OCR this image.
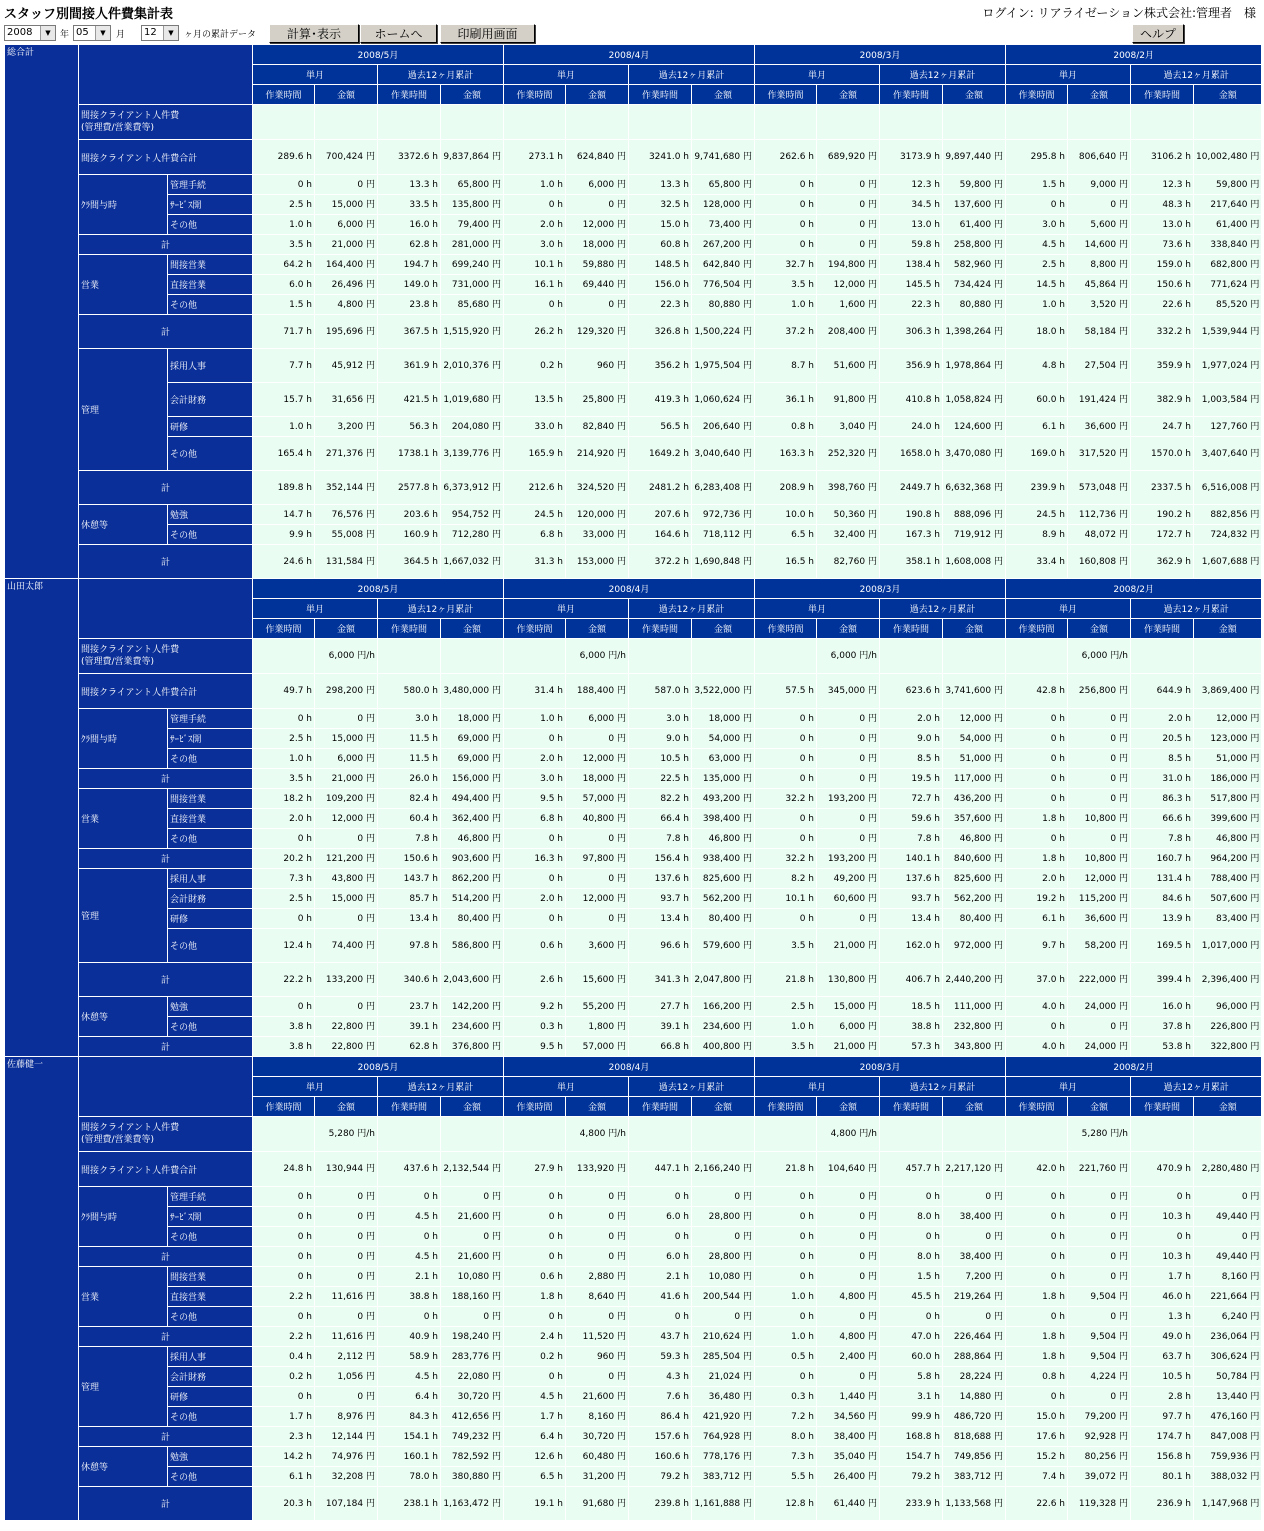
スタッフ別間接人件費集計表	ログイン: リアライゼーション株式会社:管理者　様
2008	▼	年 05	▼	月	12	▼	ヶ月の累計データ	計算･表示	ホームへ	印刷用画面	ヘルプ
総合計			2008/5月				2008/4月				2008/3月				2008/2月			
			単月		過去12ヶ月累計		単月		過去12ヶ月累計		単月		過去12ヶ月累計		単月		過去12ヶ月累計	
			作業時間	金額	作業時間	金額	作業時間	金額	作業時間	金額	作業時間	金額	作業時間	金額	作業時間	金額	作業時間	金額

	間接クライアント人件費
(管理費/営業費等)																	

	間接クライアント人件費合計		289.6 h	700,424 円	3372.6 h	9,837,864 円	273.1 h	624,840 円	3241.0 h	9,741,680 円	262.6 h	689,920 円	3173.9 h	9,897,440 円	295.8 h	806,640 円	3106.2 h	10,002,480 円
	ｸﾗ間与時	管理手続	0 h	0 円	13.3 h	65,800 円	1.0 h	6,000 円	13.3 h	65,800 円	0 h	0 円	12.3 h	59,800 円	1.5 h	9,000 円	12.3 h	59,800 円
		ｻｰﾋﾞｽ開	2.5 h	15,000 円	33.5 h	135,800 円	0 h	0 円	32.5 h	128,000 円	0 h	0 円	34.5 h	137,600 円	0 h	0 円	48.3 h	217,640 円
		その他	1.0 h	6,000 円	16.0 h	79,400 円	2.0 h	12,000 円	15.0 h	73,400 円	0 h	0 円	13.0 h	61,400 円	3.0 h	5,600 円	13.0 h	61,400 円
	計		3.5 h	21,000 円	62.8 h	281,000 円	3.0 h	18,000 円	60.8 h	267,200 円	0 h	0 円	59.8 h	258,800 円	4.5 h	14,600 円	73.6 h	338,840 円
	営業	間接営業	64.2 h	164,400 円	194.7 h	699,240 円	10.1 h	59,880 円	148.5 h	642,840 円	32.7 h	194,800 円	138.4 h	582,960 円	2.5 h	8,800 円	159.0 h	682,800 円
		直接営業	6.0 h	26,496 円	149.0 h	731,000 円	16.1 h	69,440 円	156.0 h	776,504 円	3.5 h	12,000 円	145.5 h	734,424 円	14.5 h	45,864 円	150.6 h	771,624 円
		その他	1.5 h	4,800 円	23.8 h	85,680 円	0 h	0 円	22.3 h	80,880 円	1.0 h	1,600 円	22.3 h	80,880 円	1.0 h	3,520 円	22.6 h	85,520 円
	計		71.7 h	195,696 円	367.5 h	1,515,920 円	26.2 h	129,320 円	326.8 h	1,500,224 円	37.2 h	208,400 円	306.3 h	1,398,264 円	18.0 h	58,184 円	332.2 h	1,539,944 円
	管理	採用人事	7.7 h	45,912 円	361.9 h	2,010,376 円	0.2 h	960 円	356.2 h	1,975,504 円	8.7 h	51,600 円	356.9 h	1,978,864 円	4.8 h	27,504 円	359.9 h	1,977,024 円
		会計財務	15.7 h	31,656 円	421.5 h	1,019,680 円	13.5 h	25,800 円	419.3 h	1,060,624 円	36.1 h	91,800 円	410.8 h	1,058,824 円	60.0 h	191,424 円	382.9 h	1,003,584 円
		研修	1.0 h	3,200 円	56.3 h	204,080 円	33.0 h	82,840 円	56.5 h	206,640 円	0.8 h	3,040 円	24.0 h	124,600 円	6.1 h	36,600 円	24.7 h	127,760 円
		その他	165.4 h	271,376 円	1738.1 h	3,139,776 円	165.9 h	214,920 円	1649.2 h	3,040,640 円	163.3 h	252,320 円	1658.0 h	3,470,080 円	169.0 h	317,520 円	1570.0 h	3,407,640 円
	計		189.8 h	352,144 円	2577.8 h	6,373,912 円	212.6 h	324,520 円	2481.2 h	6,283,408 円	208.9 h	398,760 円	2449.7 h	6,632,368 円	239.9 h	573,048 円	2337.5 h	6,516,008 円
	休憩等	勉強	14.7 h	76,576 円	203.6 h	954,752 円	24.5 h	120,000 円	207.6 h	972,736 円	10.0 h	50,360 円	190.8 h	888,096 円	24.5 h	112,736 円	190.2 h	882,856 円
		その他	9.9 h	55,008 円	160.9 h	712,280 円	6.8 h	33,000 円	164.6 h	718,112 円	6.5 h	32,400 円	167.3 h	719,912 円	8.9 h	48,072 円	172.7 h	724,832 円
	計		24.6 h	131,584 円	364.5 h	1,667,032 円	31.3 h	153,000 円	372.2 h	1,690,848 円	16.5 h	82,760 円	358.1 h	1,608,008 円	33.4 h	160,808 円	362.9 h	1,607,688 円
山田太郎			2008/5月				2008/4月				2008/3月				2008/2月			
			単月		過去12ヶ月累計		単月		過去12ヶ月累計		単月		過去12ヶ月累計		単月		過去12ヶ月累計	
			作業時間	金額	作業時間	金額	作業時間	金額	作業時間	金額	作業時間	金額	作業時間	金額	作業時間	金額	作業時間	金額

	間接クライアント人件費
(管理費/営業費等)			6,000 円/h				6,000 円/h				6,000 円/h				6,000 円/h		
	間接クライアント人件費合計		49.7 h	298,200 円	580.0 h	3,480,000 円	31.4 h	188,400 円	587.0 h	3,522,000 円	57.5 h	345,000 円	623.6 h	3,741,600 円	42.8 h	256,800 円	644.9 h	3,869,400 円
	ｸﾗ間与時	管理手続	0 h	0 円	3.0 h	18,000 円	1.0 h	6,000 円	3.0 h	18,000 円	0 h	0 円	2.0 h	12,000 円	0 h	0 円	2.0 h	12,000 円
		ｻｰﾋﾞｽ開	2.5 h	15,000 円	11.5 h	69,000 円	0 h	0 円	9.0 h	54,000 円	0 h	0 円	9.0 h	54,000 円	0 h	0 円	20.5 h	123,000 円
		その他	1.0 h	6,000 円	11.5 h	69,000 円	2.0 h	12,000 円	10.5 h	63,000 円	0 h	0 円	8.5 h	51,000 円	0 h	0 円	8.5 h	51,000 円
	計		3.5 h	21,000 円	26.0 h	156,000 円	3.0 h	18,000 円	22.5 h	135,000 円	0 h	0 円	19.5 h	117,000 円	0 h	0 円	31.0 h	186,000 円
	営業	間接営業	18.2 h	109,200 円	82.4 h	494,400 円	9.5 h	57,000 円	82.2 h	493,200 円	32.2 h	193,200 円	72.7 h	436,200 円	0 h	0 円	86.3 h	517,800 円
		直接営業	2.0 h	12,000 円	60.4 h	362,400 円	6.8 h	40,800 円	66.4 h	398,400 円	0 h	0 円	59.6 h	357,600 円	1.8 h	10,800 円	66.6 h	399,600 円
		その他	0 h	0 円	7.8 h	46,800 円	0 h	0 円	7.8 h	46,800 円	0 h	0 円	7.8 h	46,800 円	0 h	0 円	7.8 h	46,800 円
	計		20.2 h	121,200 円	150.6 h	903,600 円	16.3 h	97,800 円	156.4 h	938,400 円	32.2 h	193,200 円	140.1 h	840,600 円	1.8 h	10,800 円	160.7 h	964,200 円
	管理	採用人事	7.3 h	43,800 円	143.7 h	862,200 円	0 h	0 円	137.6 h	825,600 円	8.2 h	49,200 円	137.6 h	825,600 円	2.0 h	12,000 円	131.4 h	788,400 円
		会計財務	2.5 h	15,000 円	85.7 h	514,200 円	2.0 h	12,000 円	93.7 h	562,200 円	10.1 h	60,600 円	93.7 h	562,200 円	19.2 h	115,200 円	84.6 h	507,600 円
		研修	0 h	0 円	13.4 h	80,400 円	0 h	0 円	13.4 h	80,400 円	0 h	0 円	13.4 h	80,400 円	6.1 h	36,600 円	13.9 h	83,400 円
		その他	12.4 h	74,400 円	97.8 h	586,800 円	0.6 h	3,600 円	96.6 h	579,600 円	3.5 h	21,000 円	162.0 h	972,000 円	9.7 h	58,200 円	169.5 h	1,017,000 円
	計		22.2 h	133,200 円	340.6 h	2,043,600 円	2.6 h	15,600 円	341.3 h	2,047,800 円	21.8 h	130,800 円	406.7 h	2,440,200 円	37.0 h	222,000 円	399.4 h	2,396,400 円
	休憩等	勉強	0 h	0 円	23.7 h	142,200 円	9.2 h	55,200 円	27.7 h	166,200 円	2.5 h	15,000 円	18.5 h	111,000 円	4.0 h	24,000 円	16.0 h	96,000 円
		その他	3.8 h	22,800 円	39.1 h	234,600 円	0.3 h	1,800 円	39.1 h	234,600 円	1.0 h	6,000 円	38.8 h	232,800 円	0 h	0 円	37.8 h	226,800 円
	計		3.8 h	22,800 円	62.8 h	376,800 円	9.5 h	57,000 円	66.8 h	400,800 円	3.5 h	21,000 円	57.3 h	343,800 円	4.0 h	24,000 円	53.8 h	322,800 円
佐藤健一			2008/5月				2008/4月				2008/3月				2008/2月			
			単月		過去12ヶ月累計		単月		過去12ヶ月累計		単月		過去12ヶ月累計		単月		過去12ヶ月累計	
			作業時間	金額	作業時間	金額	作業時間	金額	作業時間	金額	作業時間	金額	作業時間	金額	作業時間	金額	作業時間	金額

	間接クライアント人件費
(管理費/営業費等)			5,280 円/h				4,800 円/h				4,800 円/h				5,280 円/h		
	間接クライアント人件費合計		24.8 h	130,944 円	437.6 h	2,132,544 円	27.9 h	133,920 円	447.1 h	2,166,240 円	21.8 h	104,640 円	457.7 h	2,217,120 円	42.0 h	221,760 円	470.9 h	2,280,480 円
	ｸﾗ間与時	管理手続	0 h	0 円	0 h	0 円	0 h	0 円	0 h	0 円	0 h	0 円	0 h	0 円	0 h	0 円	0 h	0 円
		ｻｰﾋﾞｽ開	0 h	0 円	4.5 h	21,600 円	0 h	0 円	6.0 h	28,800 円	0 h	0 円	8.0 h	38,400 円	0 h	0 円	10.3 h	49,440 円
		その他	0 h	0 円	0 h	0 円	0 h	0 円	0 h	0 円	0 h	0 円	0 h	0 円	0 h	0 円	0 h	0 円
	計		0 h	0 円	4.5 h	21,600 円	0 h	0 円	6.0 h	28,800 円	0 h	0 円	8.0 h	38,400 円	0 h	0 円	10.3 h	49,440 円
	営業	間接営業	0 h	0 円	2.1 h	10,080 円	0.6 h	2,880 円	2.1 h	10,080 円	0 h	0 円	1.5 h	7,200 円	0 h	0 円	1.7 h	8,160 円
		直接営業	2.2 h	11,616 円	38.8 h	188,160 円	1.8 h	8,640 円	41.6 h	200,544 円	1.0 h	4,800 円	45.5 h	219,264 円	1.8 h	9,504 円	46.0 h	221,664 円
		その他	0 h	0 円	0 h	0 円	0 h	0 円	0 h	0 円	0 h	0 円	0 h	0 円	0 h	0 円	1.3 h	6,240 円
	計		2.2 h	11,616 円	40.9 h	198,240 円	2.4 h	11,520 円	43.7 h	210,624 円	1.0 h	4,800 円	47.0 h	226,464 円	1.8 h	9,504 円	49.0 h	236,064 円
	管理	採用人事	0.4 h	2,112 円	58.9 h	283,776 円	0.2 h	960 円	59.3 h	285,504 円	0.5 h	2,400 円	60.0 h	288,864 円	1.8 h	9,504 円	63.7 h	306,624 円
		会計財務	0.2 h	1,056 円	4.5 h	22,080 円	0 h	0 円	4.3 h	21,024 円	0 h	0 円	5.8 h	28,224 円	0.8 h	4,224 円	10.5 h	50,784 円
		研修	0 h	0 円	6.4 h	30,720 円	4.5 h	21,600 円	7.6 h	36,480 円	0.3 h	1,440 円	3.1 h	14,880 円	0 h	0 円	2.8 h	13,440 円
		その他	1.7 h	8,976 円	84.3 h	412,656 円	1.7 h	8,160 円	86.4 h	421,920 円	7.2 h	34,560 円	99.9 h	486,720 円	15.0 h	79,200 円	97.7 h	476,160 円
	計		2.3 h	12,144 円	154.1 h	749,232 円	6.4 h	30,720 円	157.6 h	764,928 円	8.0 h	38,400 円	168.8 h	818,688 円	17.6 h	92,928 円	174.7 h	847,008 円
	休憩等	勉強	14.2 h	74,976 円	160.1 h	782,592 円	12.6 h	60,480 円	160.6 h	778,176 円	7.3 h	35,040 円	154.7 h	749,856 円	15.2 h	80,256 円	156.8 h	759,936 円
		その他	6.1 h	32,208 円	78.0 h	380,880 円	6.5 h	31,200 円	79.2 h	383,712 円	5.5 h	26,400 円	79.2 h	383,712 円	7.4 h	39,072 円	80.1 h	388,032 円
	計		20.3 h	107,184 円	238.1 h	1,163,472 円	19.1 h	91,680 円	239.8 h	1,161,888 円	12.8 h	61,440 円	233.9 h	1,133,568 円	22.6 h	119,328 円	236.9 h	1,147,968 円
